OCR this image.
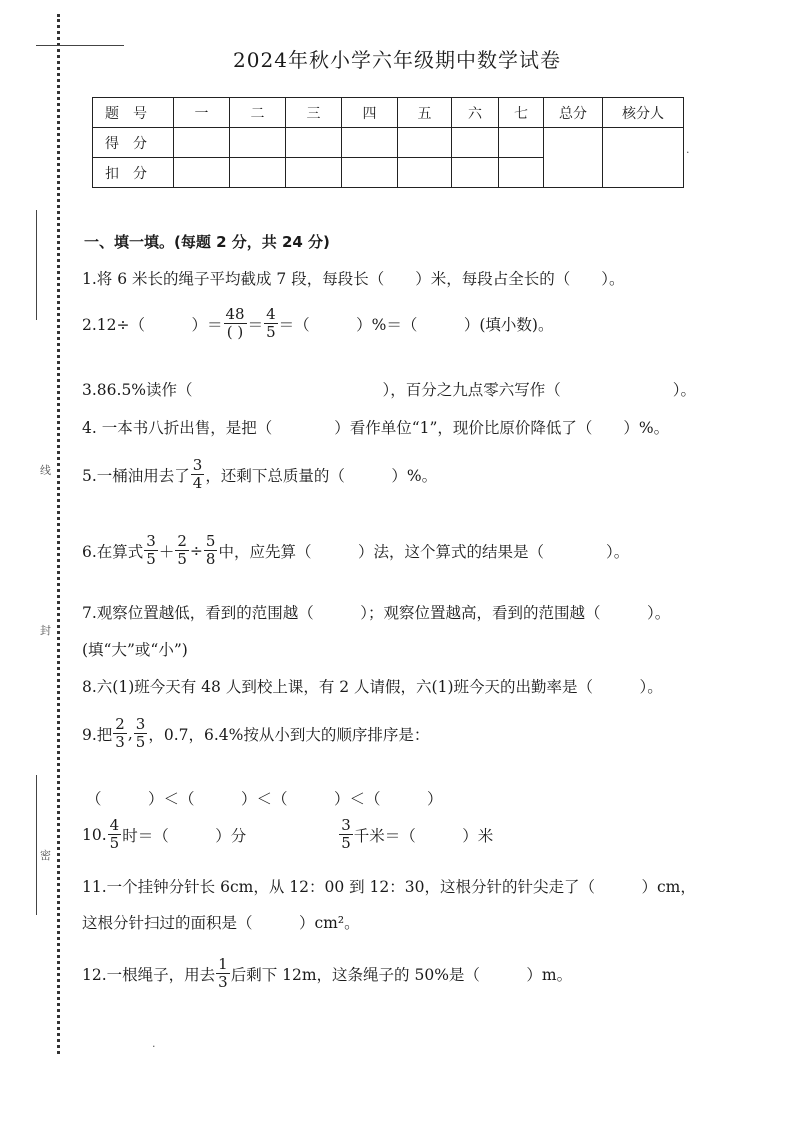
线
封
密
2024年秋小学六年级期中数学试卷
题号	一	二	三	四	五	六	七	总分	核分人
得分									
扣分									
一、填一填。(每题 2 分，共 24 分)
1.将 6 米长的绳子平均截成 7 段，每段长（　　）米，每段占全长的（　　）。
2.12÷（　　　）＝ $\frac{48}{( )} = \frac{4}{5}$ ＝（　　　）%＝（　　　）(填小数)。
3.86.5%读作（	），百分之九点零六写作（	）。
4. 一本书八折出售，是把（　　　　）看作单位“1”，现价比原价降低了（　　）%。
5.一桶油用去了 $\frac{3}{4}$ ，还剩下总质量的（　　　）%。
6.在算式 $\frac{3}{5} + \frac{2}{5} \div \frac{5}{8}$ 中，应先算（　　　）法，这个算式的结果是（　　　　）。
7.观察位置越低，看到的范围越（　　　）；观察位置越高，看到的范围越（　　　）。
(填“大”或“小”)
8.六(1)班今天有 48 人到校上课，有 2 人请假，六(1)班今天的出勤率是（　　　）。
9.把 $\frac{2}{3}$ , $\frac{3}{5}$ ，0.7，6.4%按从小到大的顺序排序是：
（　　　）＜（　　　）＜（　　　）＜（　　　）
10. $\frac{4}{5}$ 时＝（　　　）分	$\frac{3}{5}$ 千米＝（　　　）米
11.一个挂钟分针长 6cm，从 12：00 到 12：30，这根分针的针尖走了（　　　）cm，
这根分针扫过的面积是（　　　）cm²。
12.一根绳子，用去 $\frac{1}{3}$ 后剩下 12m，这条绳子的 50%是（　　　）m。
·
·
